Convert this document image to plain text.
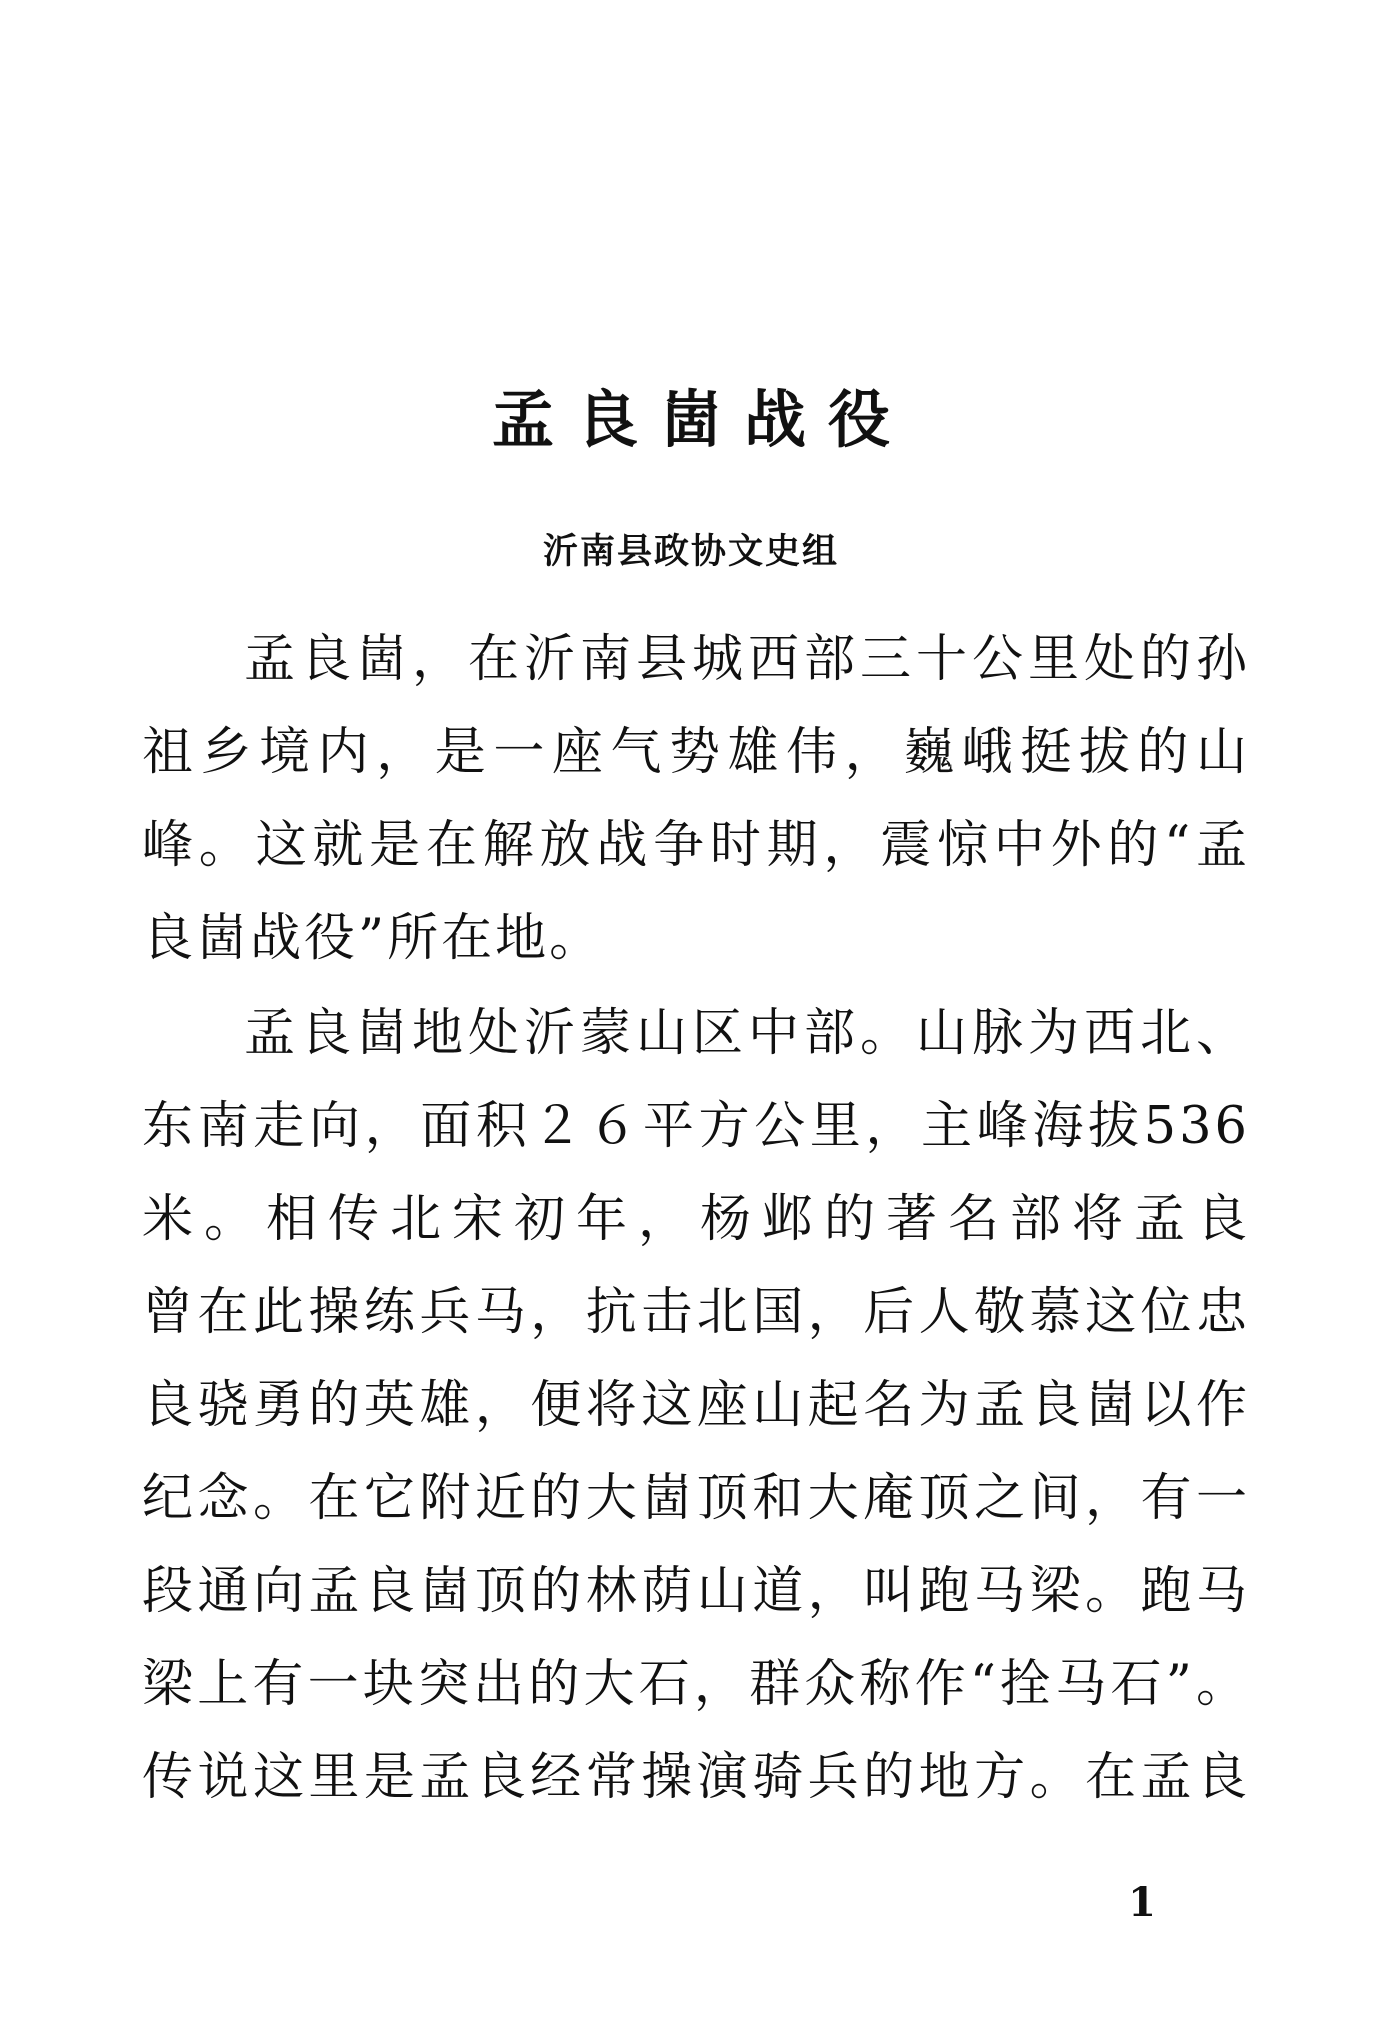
孟良崮战役
沂南县政协文史组
孟良崮，在沂南县城西部三十公里处的孙
祖乡境内，是一座气势雄伟，巍峨挺拔的山
峰。这就是在解放战争时期，震惊中外的“孟
良崮战役”所在地。
孟良崮地处沂蒙山区中部。山脉为西北、
东南走向，面积２６平方公里，主峰海拔536
米。相传北宋初年，杨邺的著名部将孟良
曾在此操练兵马，抗击北国，后人敬慕这位忠
良骁勇的英雄，便将这座山起名为孟良崮以作
纪念。在它附近的大崮顶和大庵顶之间，有一
段通向孟良崮顶的林荫山道，叫跑马梁。跑马
梁上有一块突出的大石，群众称作“拴马石”。
传说这里是孟良经常操演骑兵的地方。在孟良
1
